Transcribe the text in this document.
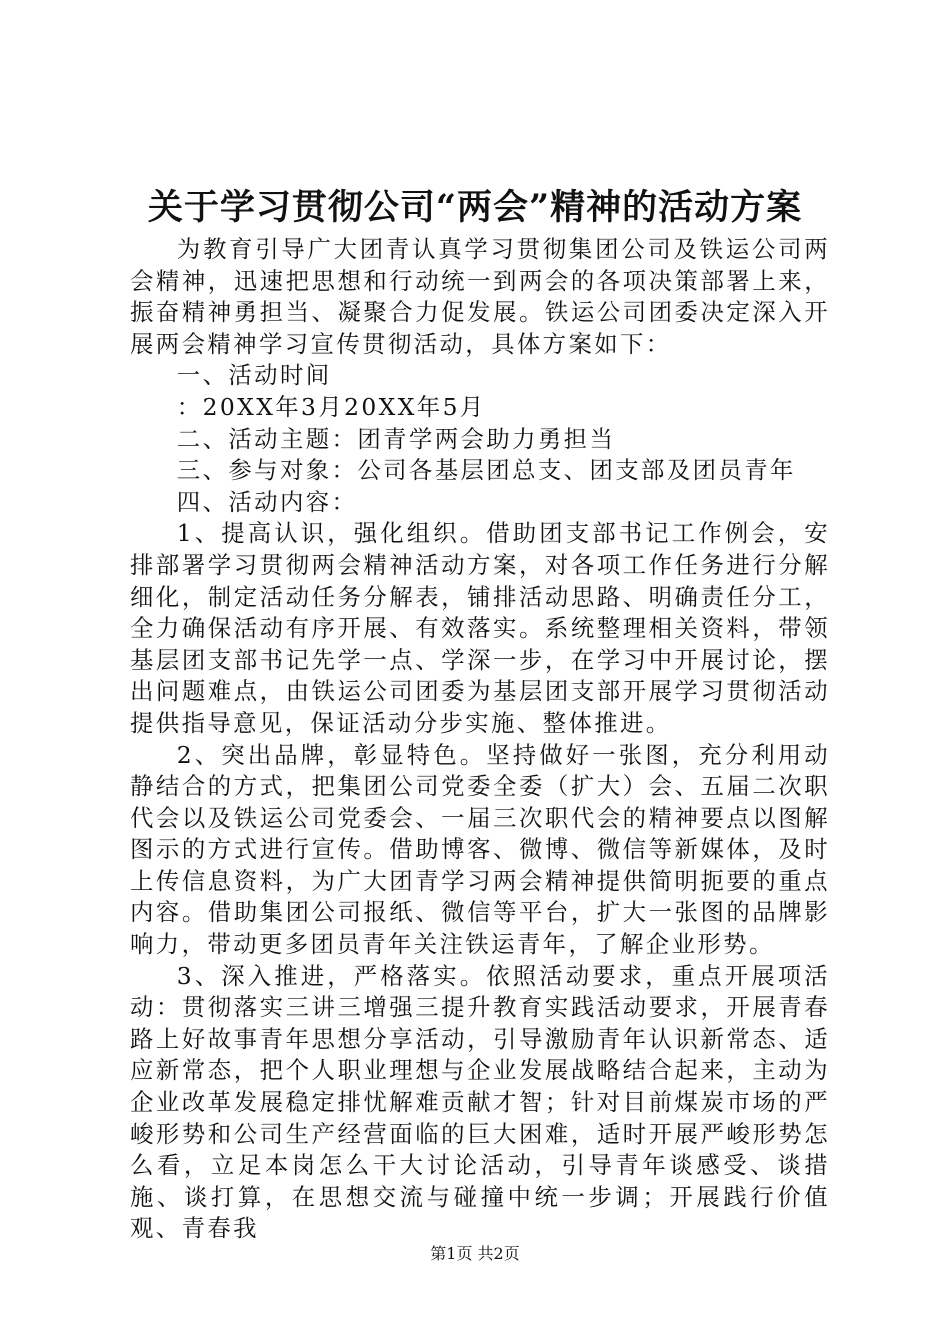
关于学习贯彻公司“两会”精神的活动方案

为教育引导广大团青认真学习贯彻集团公司及铁运公司两会精神，迅速把思想和行动统一到两会的各项决策部署上来，振奋精神勇担当、凝聚合力促发展。铁运公司团委决定深入开展两会精神学习宣传贯彻活动，具体方案如下：

一、活动时间

：20XX年3月20XX年5月

二、活动主题：团青学两会助力勇担当

三、参与对象：公司各基层团总支、团支部及团员青年

四、活动内容：

1、提高认识，强化组织。借助团支部书记工作例会，安排部署学习贯彻两会精神活动方案，对各项工作任务进行分解细化，制定活动任务分解表，铺排活动思路、明确责任分工，全力确保活动有序开展、有效落实。系统整理相关资料，带领基层团支部书记先学一点、学深一步，在学习中开展讨论，摆出问题难点，由铁运公司团委为基层团支部开展学习贯彻活动提供指导意见，保证活动分步实施、整体推进。

2、突出品牌，彰显特色。坚持做好一张图，充分利用动静结合的方式，把集团公司党委全委（扩大）会、五届二次职代会以及铁运公司党委会、一届三次职代会的精神要点以图解图示的方式进行宣传。借助博客、微博、微信等新媒体，及时上传信息资料，为广大团青学习两会精神提供简明扼要的重点内容。借助集团公司报纸、微信等平台，扩大一张图的品牌影响力，带动更多团员青年关注铁运青年，了解企业形势。

3、深入推进，严格落实。依照活动要求，重点开展项活动：贯彻落实三讲三增强三提升教育实践活动要求，开展青春路上好故事青年思想分享活动，引导激励青年认识新常态、适应新常态，把个人职业理想与企业发展战略结合起来，主动为企业改革发展稳定排忧解难贡献才智；针对目前煤炭市场的严峻形势和公司生产经营面临的巨大困难，适时开展严峻形势怎么看，立足本岗怎么干大讨论活动，引导青年谈感受、谈措施、谈打算，在思想交流与碰撞中统一步调；开展践行价值观、青春我

第1页 共2页
